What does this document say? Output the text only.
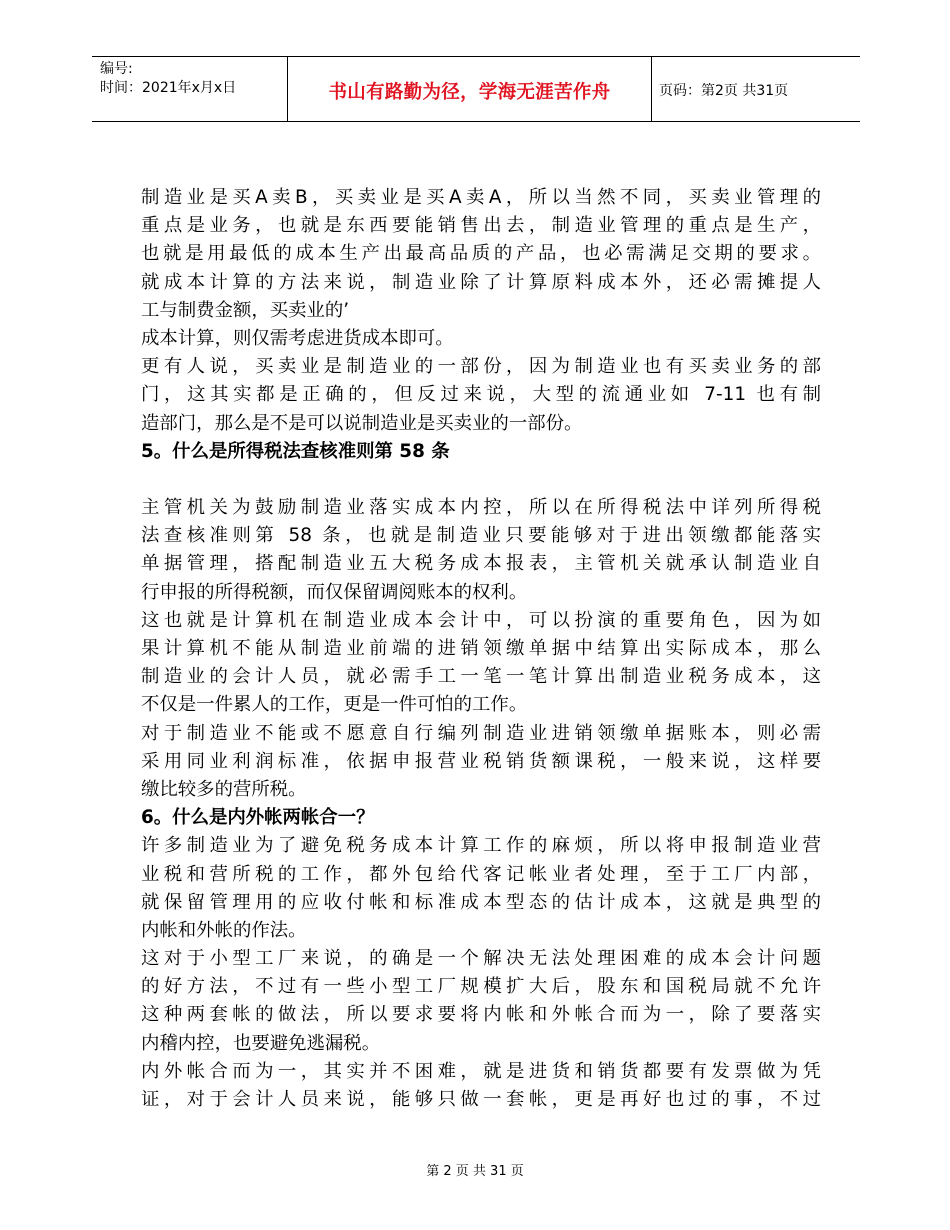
编号:
时间：2021年x月x日	书山有路勤为径，学海无涯苦作舟	页码：第2页 共31页
制造业是买A卖B，买卖业是买A卖A，所以当然不同，买卖业管理的
重点是业务，也就是东西要能销售出去，制造业管理的重点是生产，
也就是用最低的成本生产出最高品质的产品，也必需满足交期的要求。
就成本计算的方法来说，制造业除了计算原料成本外，还必需摊提人
工与制费金额，买卖业的’
成本计算，则仅需考虑进货成本即可。
更有人说，买卖业是制造业的一部份，因为制造业也有买卖业务的部
门，这其实都是正确的，但反过来说，大型的流通业如 7-11 也有制
造部门，那么是不是可以说制造业是买卖业的一部份。
5。什么是所得税法查核准则第 58 条
主管机关为鼓励制造业落实成本内控，所以在所得税法中详列所得税
法查核准则第 58 条，也就是制造业只要能够对于进出领缴都能落实
单据管理，搭配制造业五大税务成本报表，主管机关就承认制造业自
行申报的所得税额，而仅保留调阅账本的权利。
这也就是计算机在制造业成本会计中，可以扮演的重要角色，因为如
果计算机不能从制造业前端的进销领缴单据中结算出实际成本，那么
制造业的会计人员，就必需手工一笔一笔计算出制造业税务成本，这
不仅是一件累人的工作，更是一件可怕的工作。
对于制造业不能或不愿意自行编列制造业进销领缴单据账本，则必需
采用同业利润标准，依据申报营业税销货额课税，一般来说，这样要
缴比较多的营所税。
6。什么是内外帐两帐合一？
许多制造业为了避免税务成本计算工作的麻烦，所以将申报制造业营
业税和营所税的工作，都外包给代客记帐业者处理，至于工厂内部，
就保留管理用的应收付帐和标准成本型态的估计成本，这就是典型的
内帐和外帐的作法。
这对于小型工厂来说，的确是一个解决无法处理困难的成本会计问题
的好方法，不过有一些小型工厂规模扩大后，股东和国税局就不允许
这种两套帐的做法，所以要求要将内帐和外帐合而为一，除了要落实
内稽内控，也要避免逃漏税。
内外帐合而为一，其实并不困难，就是进货和销货都要有发票做为凭
证，对于会计人员来说，能够只做一套帐，更是再好也过的事，不过
第 2 页 共 31 页
